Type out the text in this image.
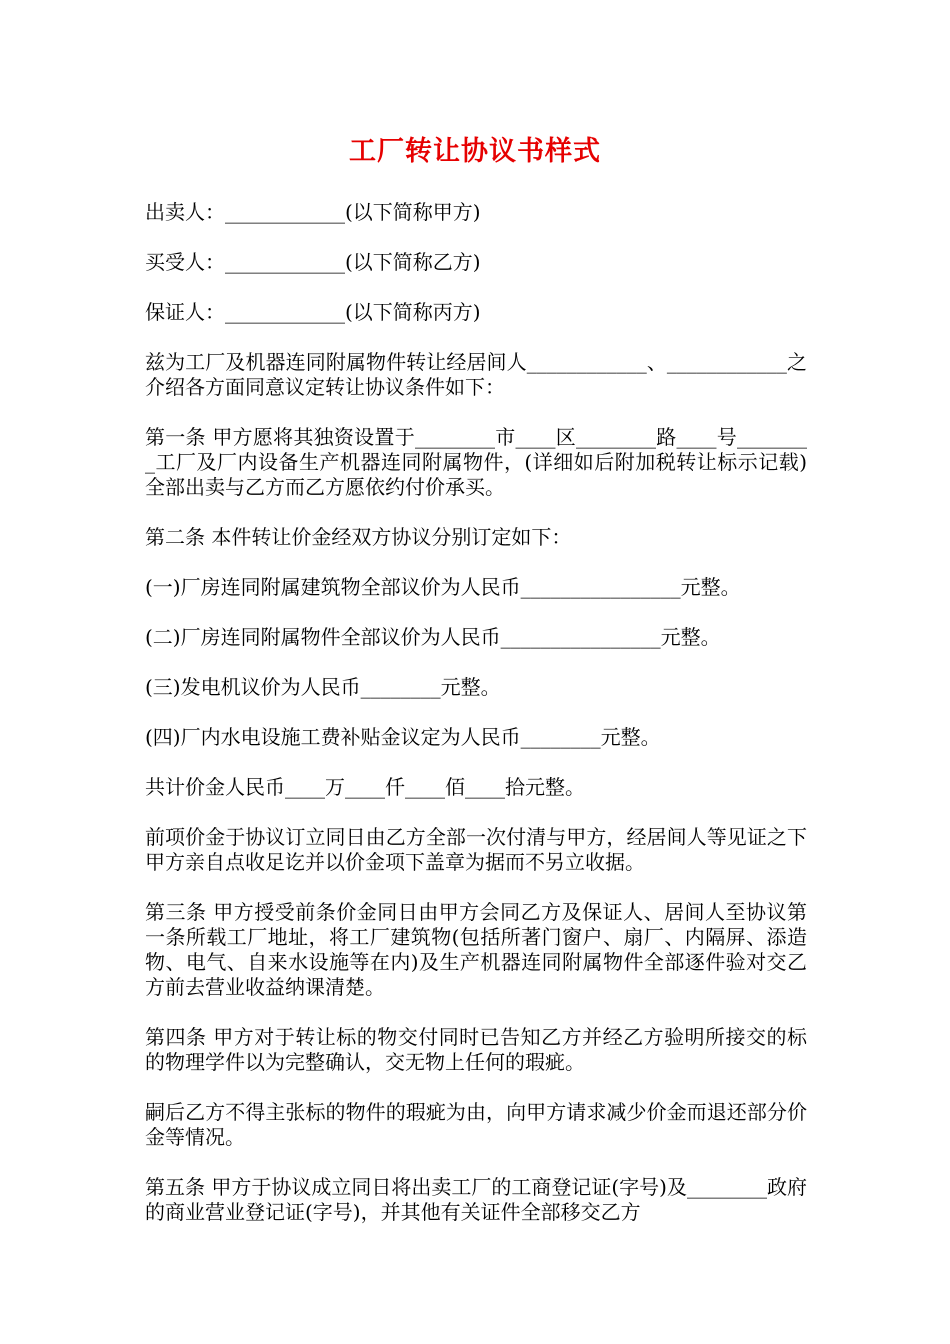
工厂转让协议书样式

出卖人：____________(以下简称甲方)

买受人：____________(以下简称乙方)

保证人：____________(以下简称丙方)

兹为工厂及机器连同附属物件转让经居间人____________、____________之介绍各方面同意议定转让协议条件如下：

第一条 甲方愿将其独资设置于________市____区________路____号________工厂及厂内设备生产机器连同附属物件，(详细如后附加税转让标示记载)全部出卖与乙方而乙方愿依约付价承买。

第二条 本件转让价金经双方协议分别订定如下：

(一)厂房连同附属建筑物全部议价为人民币________________元整。

(二)厂房连同附属物件全部议价为人民币________________元整。

(三)发电机议价为人民币________元整。

(四)厂内水电设施工费补贴金议定为人民币________元整。

共计价金人民币____万____仟____佰____拾元整。

前项价金于协议订立同日由乙方全部一次付清与甲方，经居间人等见证之下甲方亲自点收足讫并以价金项下盖章为据而不另立收据。

第三条 甲方授受前条价金同日由甲方会同乙方及保证人、居间人至协议第一条所载工厂地址，将工厂建筑物(包括所著门窗户、扇厂、内隔屏、添造物、电气、自来水设施等在内)及生产机器连同附属物件全部逐件验对交乙方前去营业收益纳课清楚。

第四条 甲方对于转让标的物交付同时已告知乙方并经乙方验明所接交的标的物理学件以为完整确认，交无物上任何的瑕疵。

嗣后乙方不得主张标的物件的瑕疵为由，向甲方请求减少价金而退还部分价金等情况。

第五条 甲方于协议成立同日将出卖工厂的工商登记证(字号)及________政府的商业营业登记证(字号)，并其他有关证件全部移交乙方
